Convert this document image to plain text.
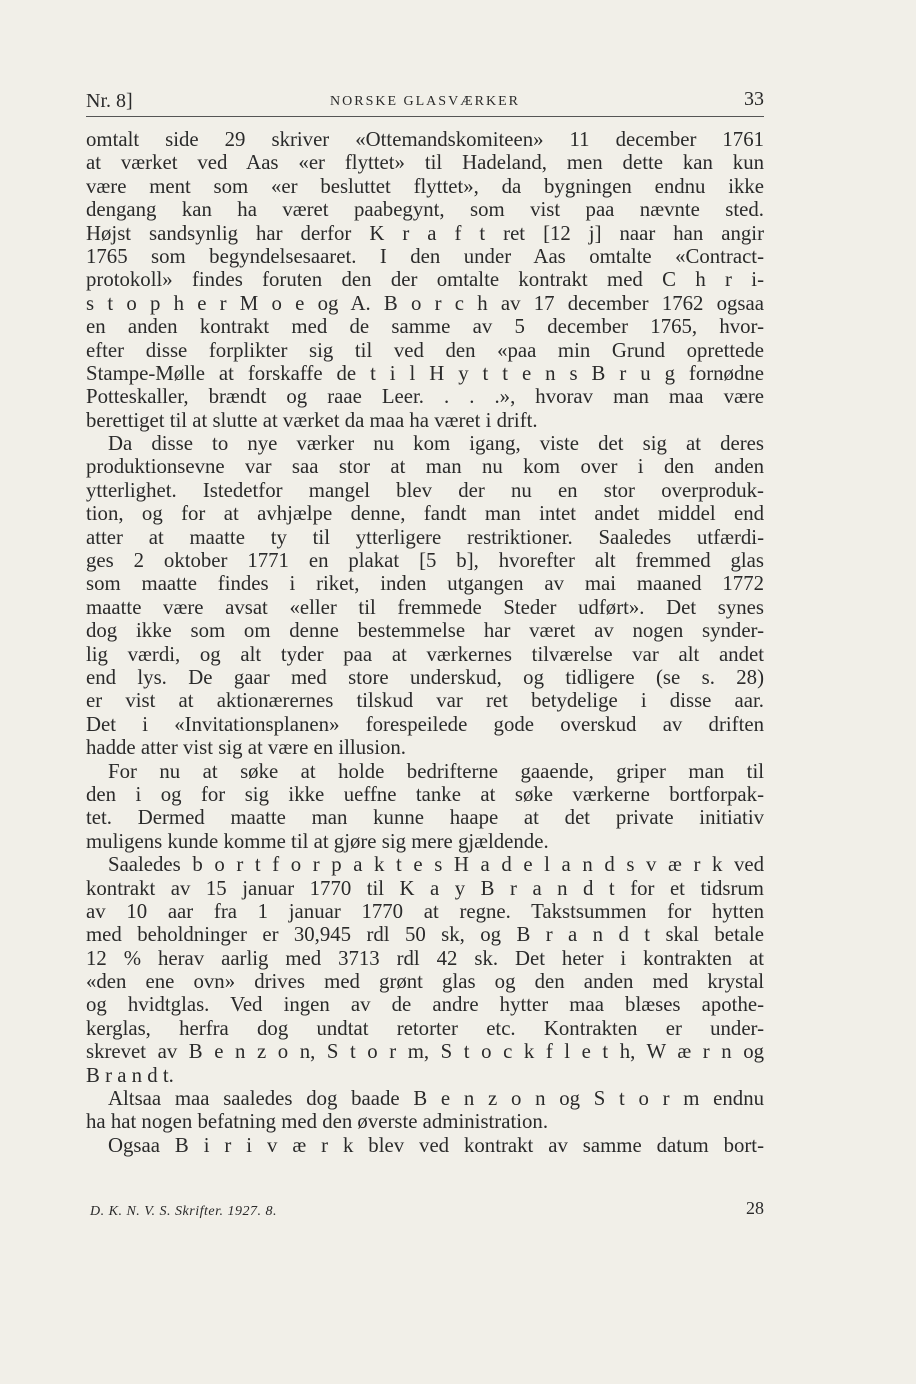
Nr. 8]	NORSKE GLASVÆRKER	33
omtalt side 29 skriver «Ottemandskomiteen» 11 december 1761
at værket ved Aas «er flyttet» til Hadeland, men dette kan kun
være ment som «er besluttet flyttet», da bygningen endnu ikke
dengang kan ha været paabegynt, som vist paa nævnte sted.
Højst sandsynlig har derfor K r a f t ret [12 j] naar han angir
1765 som begyndelsesaaret. I den under Aas omtalte «Contract-
protokoll» findes foruten den der omtalte kontrakt med C h r i-
s t o p h e r M o e og A. B o r c h av 17 december 1762 ogsaa
en anden kontrakt med de samme av 5 december 1765, hvor-
efter disse forplikter sig til ved den «paa min Grund oprettede
Stampe-Mølle at forskaffe de t i l H y t t e n s B r u g fornødne
Potteskaller, brændt og raae Leer. . . .», hvorav man maa være
berettiget til at slutte at værket da maa ha været i drift.
Da disse to nye værker nu kom igang, viste det sig at deres
produktionsevne var saa stor at man nu kom over i den anden
ytterlighet. Istedetfor mangel blev der nu en stor overproduk-
tion, og for at avhjælpe denne, fandt man intet andet middel end
atter at maatte ty til ytterligere restriktioner. Saaledes utfærdi-
ges 2 oktober 1771 en plakat [5 b], hvorefter alt fremmed glas
som maatte findes i riket, inden utgangen av mai maaned 1772
maatte være avsat «eller til fremmede Steder udført». Det synes
dog ikke som om denne bestemmelse har været av nogen synder-
lig værdi, og alt tyder paa at værkernes tilværelse var alt andet
end lys. De gaar med store underskud, og tidligere (se s. 28)
er vist at aktionærernes tilskud var ret betydelige i disse aar.
Det i «Invitationsplanen» forespeilede gode overskud av driften
hadde atter vist sig at være en illusion.
For nu at søke at holde bedrifterne gaaende, griper man til
den i og for sig ikke ueffne tanke at søke værkerne bortforpak-
tet. Dermed maatte man kunne haape at det private initiativ
muligens kunde komme til at gjøre sig mere gjældende.
Saaledes b o r t f o r p a k t e s H a d e l a n d s v æ r k ved
kontrakt av 15 januar 1770 til K a y B r a n d t for et tidsrum
av 10 aar fra 1 januar 1770 at regne. Takstsummen for hytten
med beholdninger er 30,945 rdl 50 sk, og B r a n d t skal betale
12 % herav aarlig med 3713 rdl 42 sk. Det heter i kontrakten at
«den ene ovn» drives med grønt glas og den anden med krystal
og hvidtglas. Ved ingen av de andre hytter maa blæses apothe-
kerglas, herfra dog undtat retorter etc. Kontrakten er under-
skrevet av B e n z o n, S t o r m, S t o c k f l e t h, W æ r n og
B r a n d t.
Altsaa maa saaledes dog baade B e n z o n og S t o r m endnu
ha hat nogen befatning med den øverste administration.
Ogsaa B i r i v æ r k blev ved kontrakt av samme datum bort-
D. K. N. V. S. Skrifter. 1927. 8.	28
